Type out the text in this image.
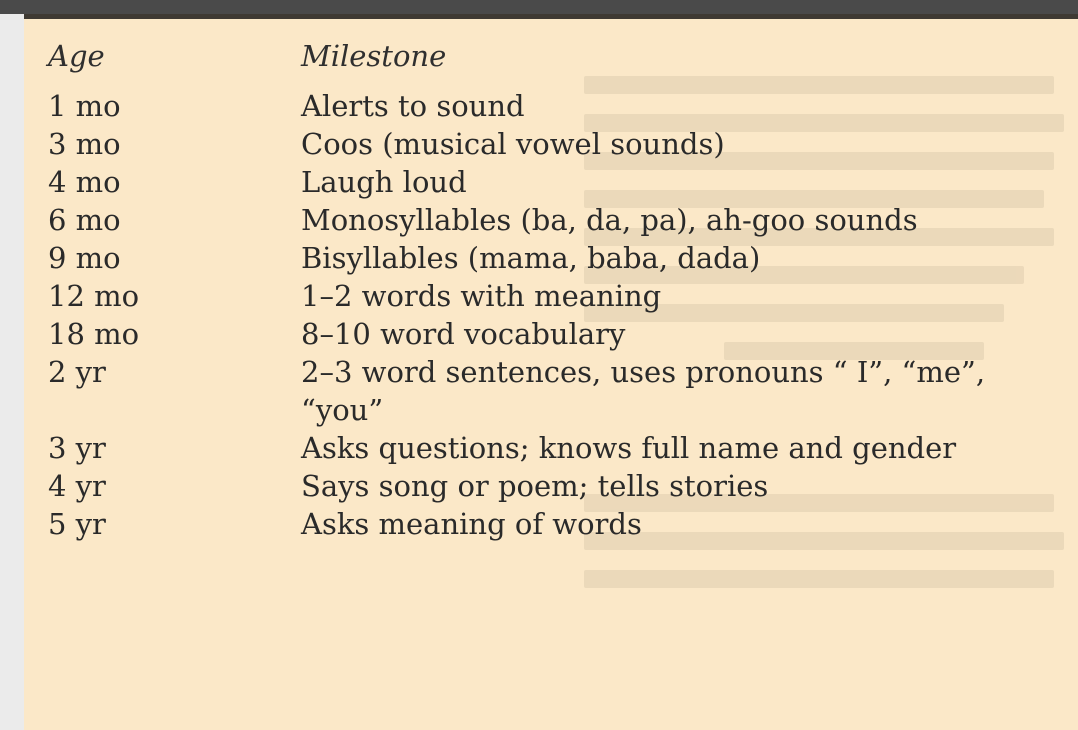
Age	Milestone
1 mo	Alerts to sound
3 mo	Coos (musical vowel sounds)
4 mo	Laugh loud
6 mo	Monosyllables (ba, da, pa), ah-goo sounds
9 mo	Bisyllables (mama, baba, dada)
12 mo	1–2 words with meaning
18 mo	8–10 word vocabulary
2 yr	2–3 word sentences, uses pronouns “ I”, “me”,
	“you”
3 yr	Asks questions; knows full name and gender
4 yr	Says song or poem; tells stories
5 yr	Asks meaning of words
